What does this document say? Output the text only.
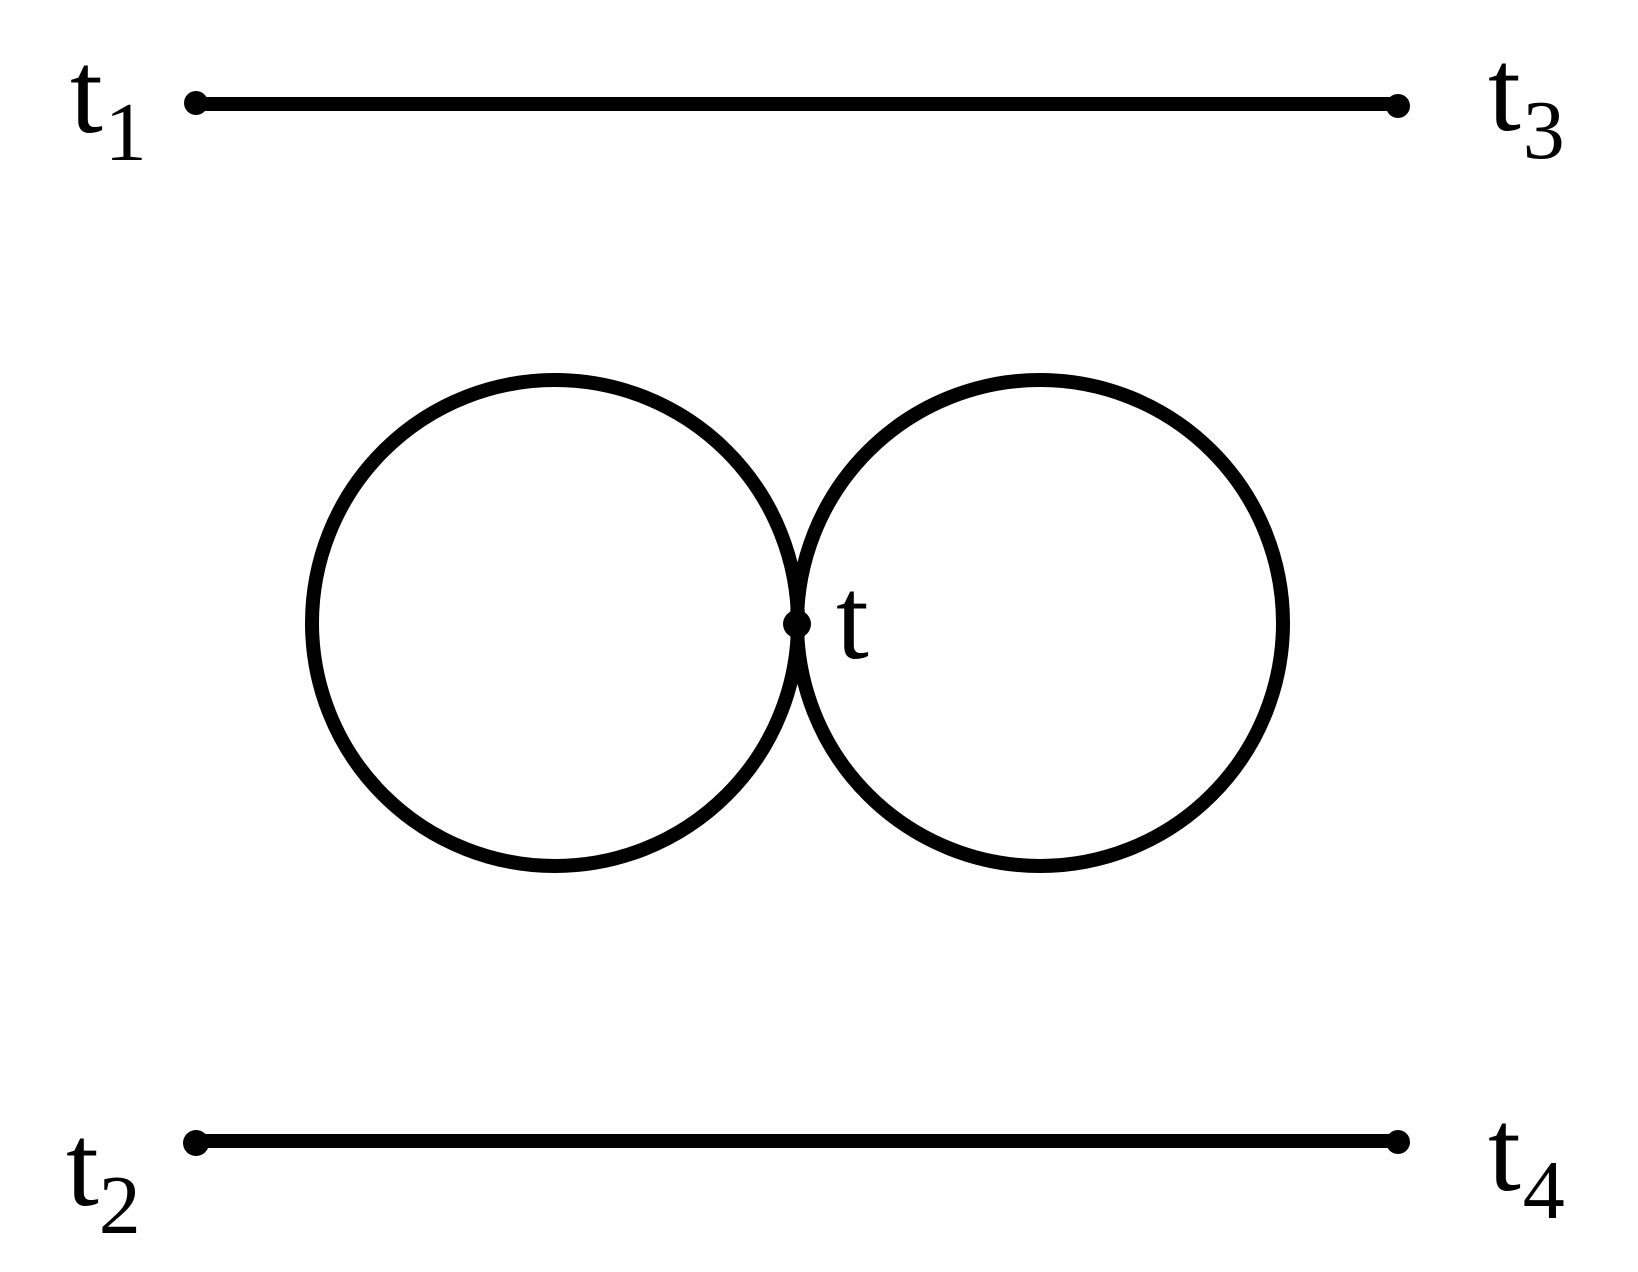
$t_1$	$t_3$
$t_2$	$t_4$
t
